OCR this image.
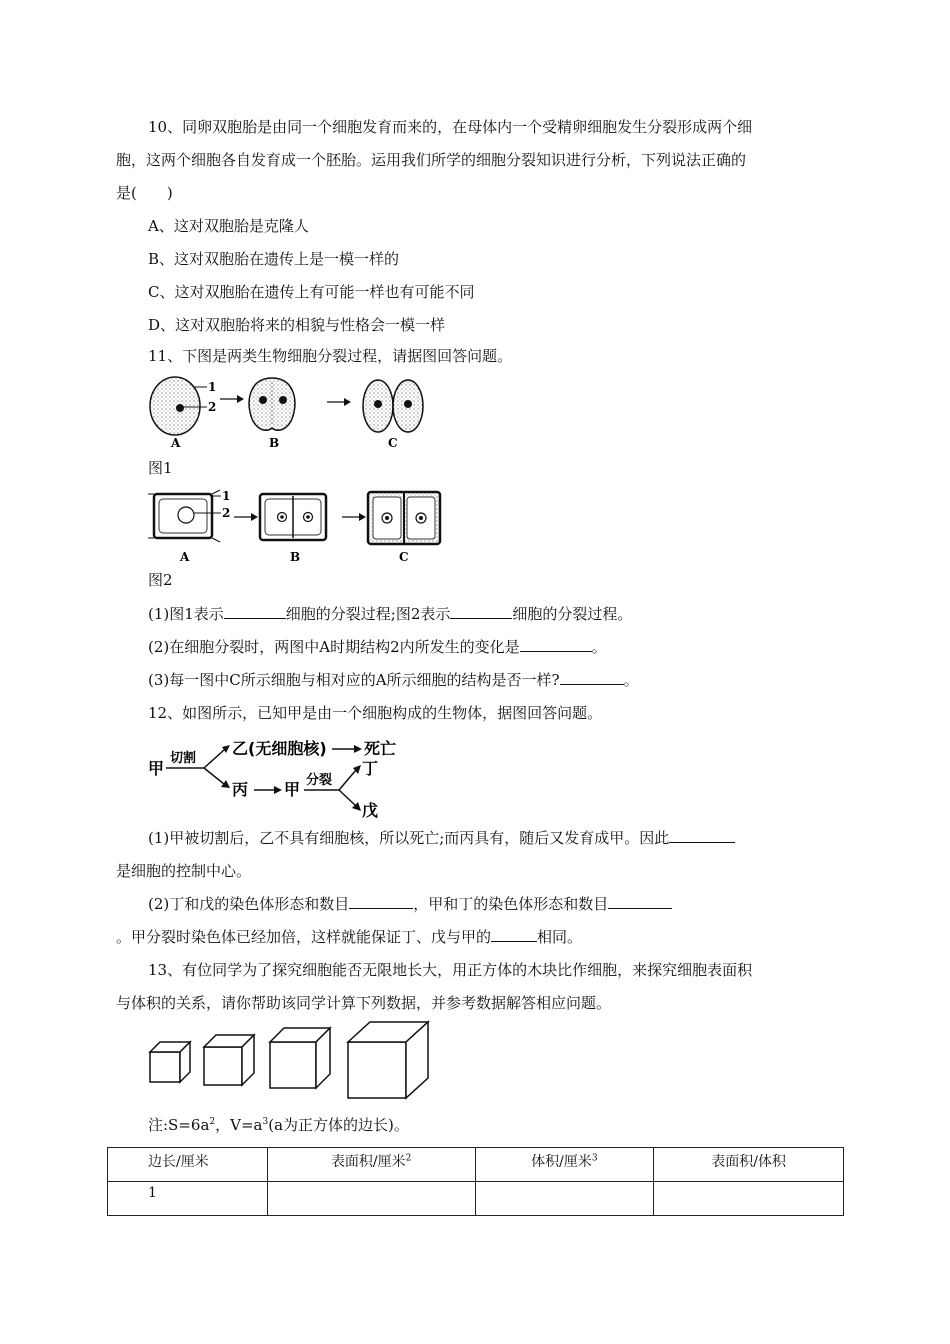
10、同卵双胞胎是由同一个细胞发育而来的，在母体内一个受精卵细胞发生分裂形成两个细
胞，这两个细胞各自发育成一个胚胎。运用我们所学的细胞分裂知识进行分析，下列说法正确的
是(　　)
A、这对双胞胎是克隆人
B、这对双胞胎在遗传上是一模一样的
C、这对双胞胎在遗传上有可能一样也有可能不同
D、这对双胞胎将来的相貌与性格会一模一样
11、下图是两类生物细胞分裂过程，请据图回答问题。
1
2
A	B	C
图1
1
2
A	B	C
图2
(1)图1表示	细胞的分裂过程;图2表示	细胞的分裂过程。
(2)在细胞分裂时，两图中A时期结构2内所发生的变化是	。
(3)每一图中C所示细胞与相对应的A所示细胞的结构是否一样?	。
12、如图所示，已知甲是由一个细胞构成的生物体，据图回答问题。
甲
切割
乙(无细胞核) 死亡
丙 甲 分裂
丁
戊
(1)甲被切割后，乙不具有细胞核，所以死亡;而丙具有，随后又发育成甲。因此
是细胞的控制中心。
(2)丁和戊的染色体形态和数目	，甲和丁的染色体形态和数目
。甲分裂时染色体已经加倍，这样就能保证丁、戊与甲的	相同。
13、有位同学为了探究细胞能否无限地长大，用正方体的木块比作细胞，来探究细胞表面积
与体积的关系，请你帮助该同学计算下列数据，并参考数据解答相应问题。
注$:S=6a^2$，$V=a^3(a$为正方体的边长)。
边长/厘米	表面积/厘米$^2$	体积/厘米$^3$	表面积/体积
1			
